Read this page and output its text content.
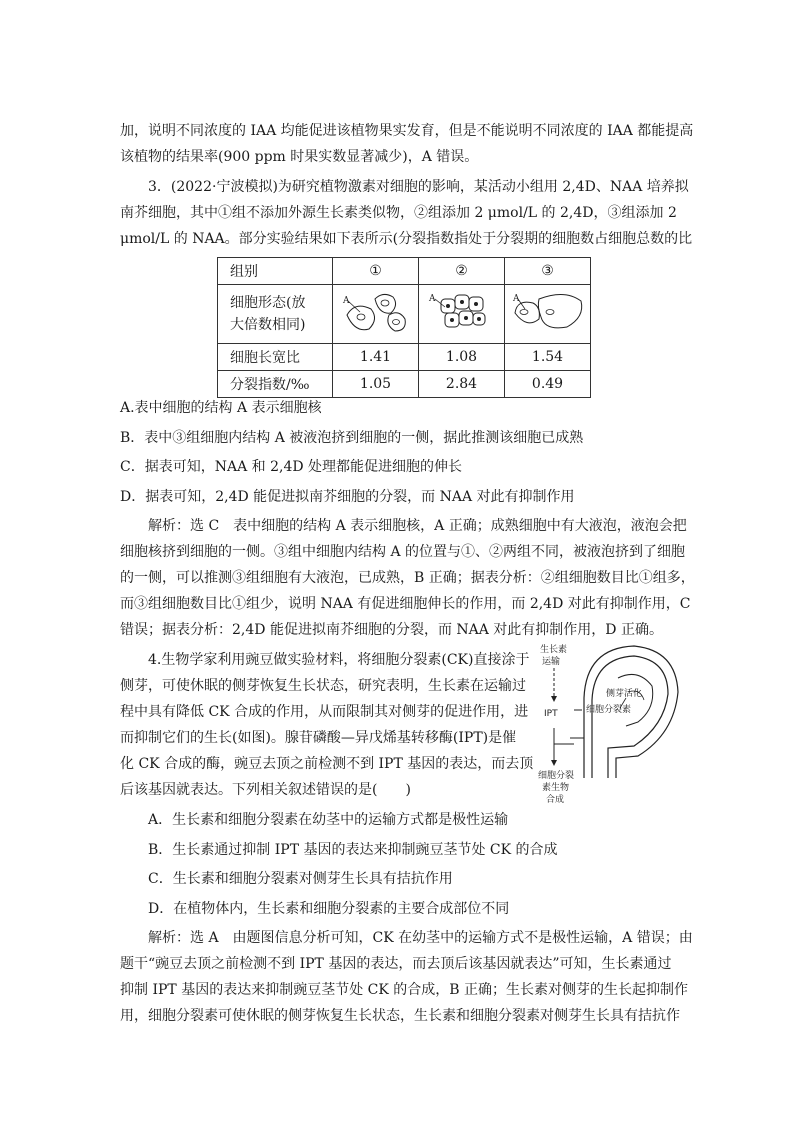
加，说明不同浓度的 IAA 均能促进该植物果实发育，但是不能说明不同浓度的 IAA 都能提高
该植物的结果率(900 ppm 时果实数显著减少)，A 错误。
3．(2022·宁波模拟)为研究植物激素对细胞的影响，某活动小组用 2,4D、NAA 培养拟
南芥细胞，其中①组不添加外源生长素类似物，②组添加 2 μmol/L 的 2,4D，③组添加 2
μmol/L 的 NAA。部分实验结果如下表所示(分裂指数指处于分裂期的细胞数占细胞总数的比
组别	①	②	③

细胞形态(放
大倍数相同)	A	A	A

细胞长宽比	1.41	1.08	1.54
分裂指数/‰	1.05	2.84	0.49
A.表中细胞的结构 A 表示细胞核
B．表中③组细胞内结构 A 被液泡挤到细胞的一侧，据此推测该细胞已成熟
C．据表可知，NAA 和 2,4D 处理都能促进细胞的伸长
D．据表可知，2,4D 能促进拟南芥细胞的分裂，而 NAA 对此有抑制作用
解析：选 C　表中细胞的结构 A 表示细胞核，A 正确；成熟细胞中有大液泡，液泡会把
细胞核挤到细胞的一侧。③组中细胞内结构 A 的位置与①、②两组不同，被液泡挤到了细胞
的一侧，可以推测③组细胞有大液泡，已成熟，B 正确；据表分析：②组细胞数目比①组多，
而③组细胞数目比①组少，说明 NAA 有促进细胞伸长的作用，而 2,4D 对此有抑制作用，C
错误；据表分析：2,4D 能促进拟南芥细胞的分裂，而 NAA 对此有抑制作用，D 正确。
4.生物学家利用豌豆做实验材料，将细胞分裂素(CK)直接涂于
侧芽，可使休眠的侧芽恢复生长状态，研究表明，生长素在运输过
程中具有降低 CK 合成的作用，从而限制其对侧芽的促进作用，进
而抑制它们的生长(如图)。腺苷磷酸—异戊烯基转移酶(IPT)是催
化 CK 合成的酶，豌豆去顶之前检测不到 IPT 基因的表达，而去顶
后该基因就表达。下列相关叙述错误的是(　　)
生长素
运输
IPT
侧芽活化
细胞分裂素
细胞分裂
素生物
合成
A．生长素和细胞分裂素在幼茎中的运输方式都是极性运输
B．生长素通过抑制 IPT 基因的表达来抑制豌豆茎节处 CK 的合成
C．生长素和细胞分裂素对侧芽生长具有拮抗作用
D．在植物体内，生长素和细胞分裂素的主要合成部位不同
解析：选 A　由题图信息分析可知，CK 在幼茎中的运输方式不是极性运输，A 错误；由
题干“豌豆去顶之前检测不到 IPT 基因的表达，而去顶后该基因就表达”可知，生长素通过
抑制 IPT 基因的表达来抑制豌豆茎节处 CK 的合成，B 正确；生长素对侧芽的生长起抑制作
用，细胞分裂素可使休眠的侧芽恢复生长状态，生长素和细胞分裂素对侧芽生长具有拮抗作
